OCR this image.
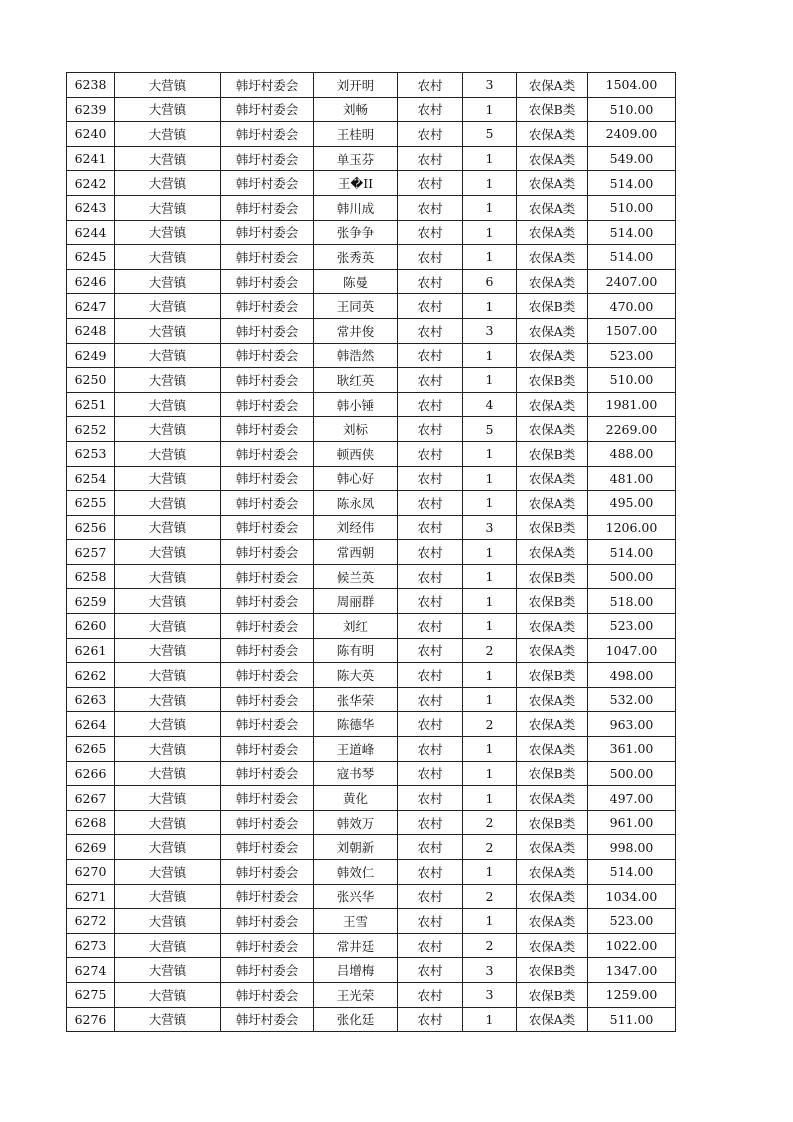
6238	大营镇	韩圩村委会	刘开明	农村	3	农保A类	1504.00
6239	大营镇	韩圩村委会	刘畅	农村	1	农保B类	510.00
6240	大营镇	韩圩村委会	王桂明	农村	5	农保A类	2409.00
6241	大营镇	韩圩村委会	单玉芬	农村	1	农保A类	549.00
6242	大营镇	韩圩村委会	王�II	农村	1	农保A类	514.00
6243	大营镇	韩圩村委会	韩川成	农村	1	农保A类	510.00
6244	大营镇	韩圩村委会	张争争	农村	1	农保A类	514.00
6245	大营镇	韩圩村委会	张秀英	农村	1	农保A类	514.00
6246	大营镇	韩圩村委会	陈曼	农村	6	农保A类	2407.00
6247	大营镇	韩圩村委会	王同英	农村	1	农保B类	470.00
6248	大营镇	韩圩村委会	常井俊	农村	3	农保A类	1507.00
6249	大营镇	韩圩村委会	韩浩然	农村	1	农保A类	523.00
6250	大营镇	韩圩村委会	耿红英	农村	1	农保B类	510.00
6251	大营镇	韩圩村委会	韩小锤	农村	4	农保A类	1981.00
6252	大营镇	韩圩村委会	刘标	农村	5	农保A类	2269.00
6253	大营镇	韩圩村委会	顿西侠	农村	1	农保B类	488.00
6254	大营镇	韩圩村委会	韩心好	农村	1	农保A类	481.00
6255	大营镇	韩圩村委会	陈永凤	农村	1	农保A类	495.00
6256	大营镇	韩圩村委会	刘经伟	农村	3	农保B类	1206.00
6257	大营镇	韩圩村委会	常西朝	农村	1	农保A类	514.00
6258	大营镇	韩圩村委会	候兰英	农村	1	农保B类	500.00
6259	大营镇	韩圩村委会	周丽群	农村	1	农保B类	518.00
6260	大营镇	韩圩村委会	刘红	农村	1	农保A类	523.00
6261	大营镇	韩圩村委会	陈有明	农村	2	农保A类	1047.00
6262	大营镇	韩圩村委会	陈大英	农村	1	农保B类	498.00
6263	大营镇	韩圩村委会	张华荣	农村	1	农保A类	532.00
6264	大营镇	韩圩村委会	陈德华	农村	2	农保A类	963.00
6265	大营镇	韩圩村委会	王道峰	农村	1	农保A类	361.00
6266	大营镇	韩圩村委会	寇书琴	农村	1	农保B类	500.00
6267	大营镇	韩圩村委会	黄化	农村	1	农保A类	497.00
6268	大营镇	韩圩村委会	韩效万	农村	2	农保B类	961.00
6269	大营镇	韩圩村委会	刘朝新	农村	2	农保A类	998.00
6270	大营镇	韩圩村委会	韩效仁	农村	1	农保A类	514.00
6271	大营镇	韩圩村委会	张兴华	农村	2	农保A类	1034.00
6272	大营镇	韩圩村委会	王雪	农村	1	农保A类	523.00
6273	大营镇	韩圩村委会	常井廷	农村	2	农保A类	1022.00
6274	大营镇	韩圩村委会	吕增梅	农村	3	农保B类	1347.00
6275	大营镇	韩圩村委会	王光荣	农村	3	农保B类	1259.00
6276	大营镇	韩圩村委会	张化廷	农村	1	农保A类	511.00
